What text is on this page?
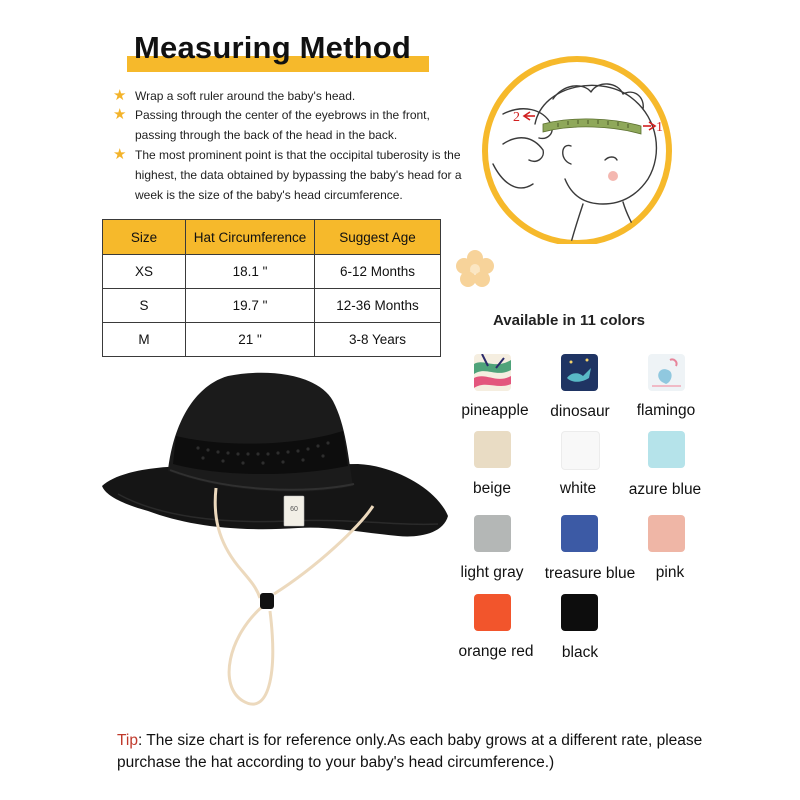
Measuring Method
★ Wrap a soft ruler around the baby's head.
★ Passing through the center of the eyebrows in the front, passing through the back of the head in the back.
★ The most prominent point is that the occipital tuberosity is the highest, the data obtained by bypassing the baby's head for a week is the size of the baby's head circumference.
1
2
Size	Hat Circumference	Suggest Age
XS	18.1 "	6-12 Months
S	19.7 "	12-36 Months
M	21 "	3-8 Years
60
Available in 11 colors
pineapple	dinosaur	flamingo
beige	white	azure blue
light gray	treasure blue	pink
orange red	black
Tip: The size chart is for reference only.As each baby grows at a different rate, please purchase the hat according to your baby's head circumference.)
